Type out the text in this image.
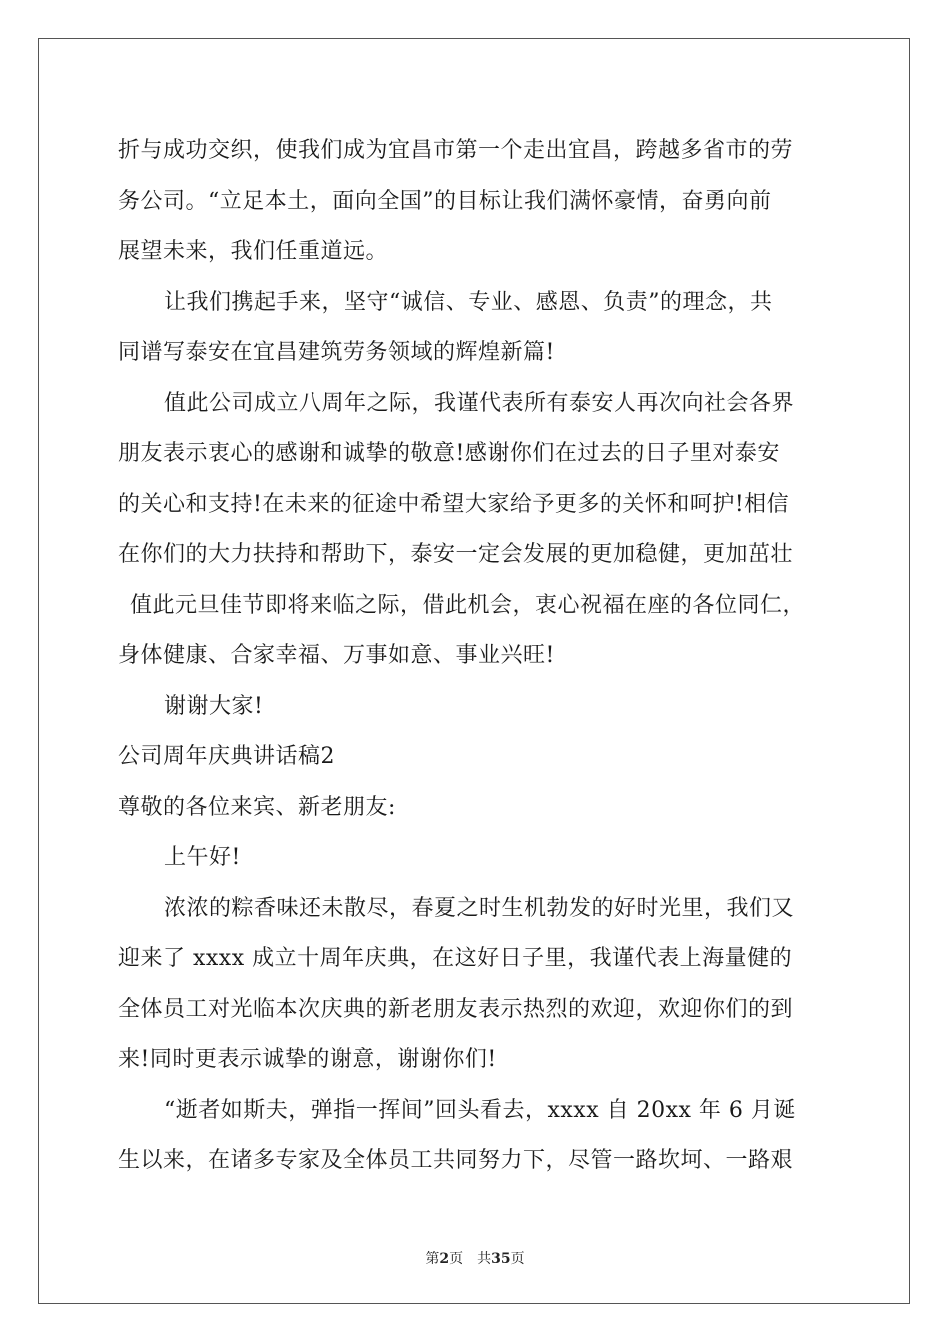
折与成功交织，使我们成为宜昌市第一个走出宜昌，跨越多省市的劳
务公司。“立足本土，面向全国”的目标让我们满怀豪情，奋勇向前
展望未来，我们任重道远。
让我们携起手来，坚守“诚信、专业、感恩、负责”的理念，共
同谱写泰安在宜昌建筑劳务领域的辉煌新篇!
值此公司成立八周年之际，我谨代表所有泰安人再次向社会各界
朋友表示衷心的感谢和诚挚的敬意!感谢你们在过去的日子里对泰安
的关心和支持!在未来的征途中希望大家给予更多的关怀和呵护!相信
在你们的大力扶持和帮助下，泰安一定会发展的更加稳健，更加茁壮
值此元旦佳节即将来临之际，借此机会，衷心祝福在座的各位同仁，
身体健康、合家幸福、万事如意、事业兴旺!
谢谢大家!
公司周年庆典讲话稿2
尊敬的各位来宾、新老朋友:
上午好!
浓浓的粽香味还未散尽，春夏之时生机勃发的好时光里，我们又
迎来了 xxxx 成立十周年庆典，在这好日子里，我谨代表上海量健的
全体员工对光临本次庆典的新老朋友表示热烈的欢迎，欢迎你们的到
来!同时更表示诚挚的谢意，谢谢你们!
“逝者如斯夫，弹指一挥间”回头看去，xxxx 自 20xx 年 6 月诞
生以来，在诸多专家及全体员工共同努力下，尽管一路坎坷、一路艰
第2页　共35页
